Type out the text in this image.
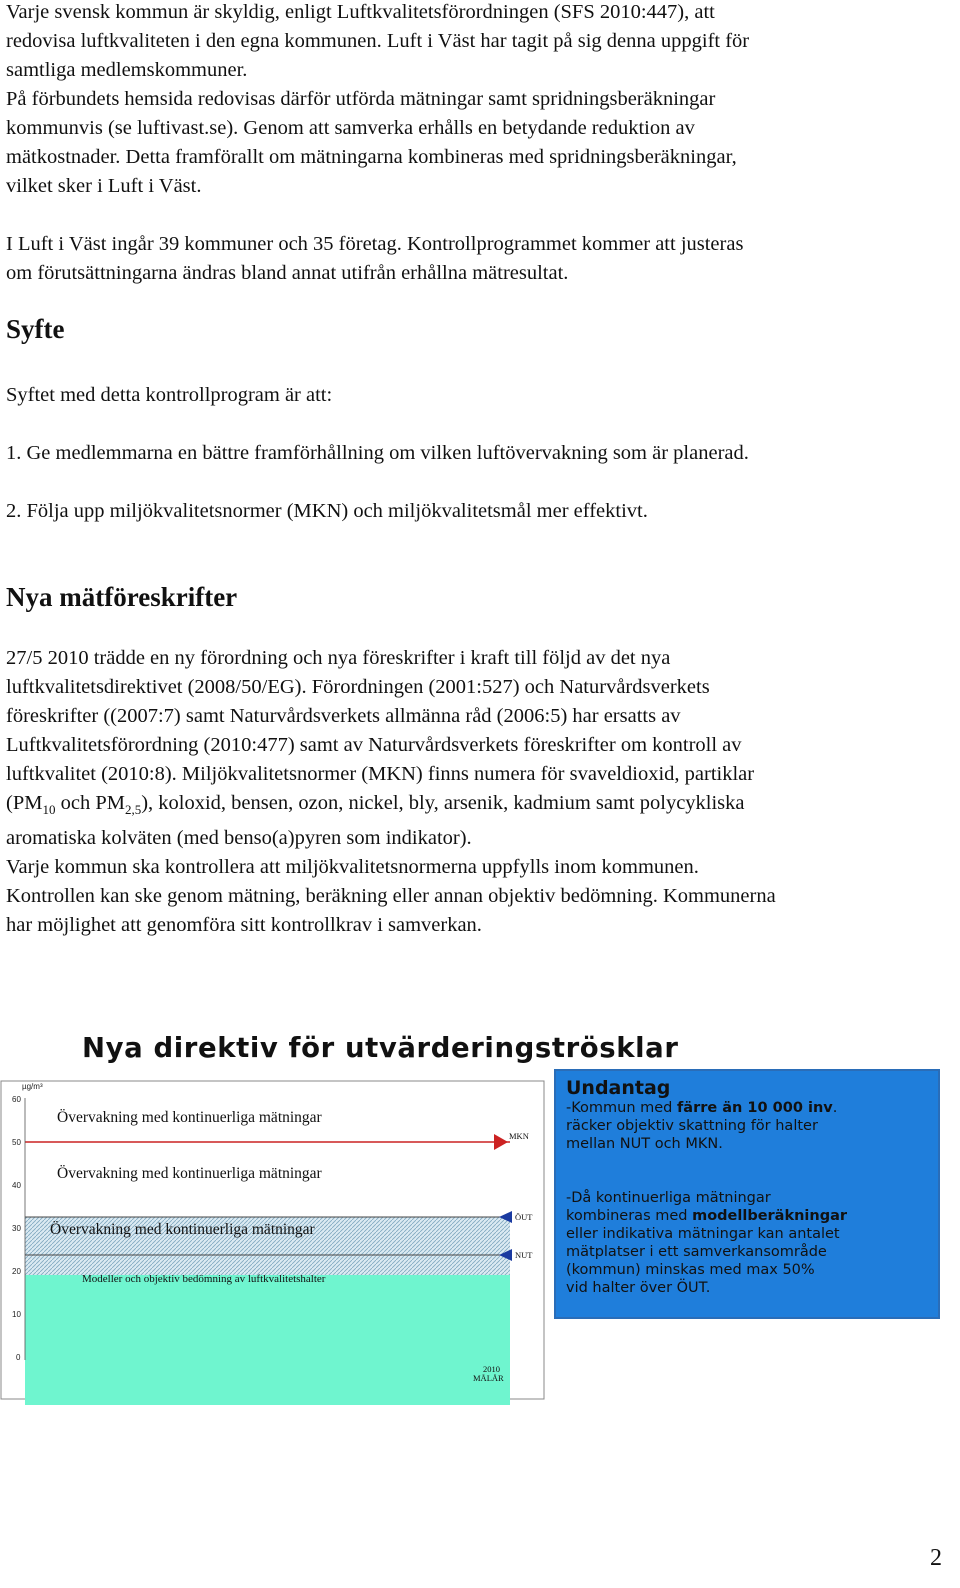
Varje svensk kommun är skyldig, enligt Luftkvalitetsförordningen (SFS 2010:447), att

redovisa luftkvaliteten i den egna kommunen. Luft i Väst har tagit på sig denna uppgift för

samtliga medlemskommuner.

På förbundets hemsida redovisas därför utförda mätningar samt spridningsberäkningar

kommunvis (se luftivast.se). Genom att samverka erhålls en betydande reduktion av

mätkostnader. Detta framförallt om mätningarna kombineras med spridningsberäkningar,

vilket sker i Luft i Väst.

I Luft i Väst ingår 39 kommuner och 35 företag. Kontrollprogrammet kommer att justeras

om förutsättningarna ändras bland annat utifrån erhållna mätresultat.

Syfte

Syftet med detta kontrollprogram är att:

1. Ge medlemmarna en bättre framförhållning om vilken luftövervakning som är planerad.

2. Följa upp miljökvalitetsnormer (MKN) och miljökvalitetsmål mer effektivt.

Nya mätföreskrifter

27/5 2010 trädde en ny förordning och nya föreskrifter i kraft till följd av det nya

luftkvalitetsdirektivet (2008/50/EG). Förordningen (2001:527) och Naturvårdsverkets

föreskrifter ((2007:7) samt Naturvårdsverkets allmänna råd (2006:5) har ersatts av

Luftkvalitetsförordning (2010:477) samt av Naturvårdsverkets föreskrifter om kontroll av

luftkvalitet (2010:8). Miljökvalitetsnormer (MKN) finns numera för svaveldioxid, partiklar

($PM_{10}$ och $PM_{2,5}$), koloxid, bensen, ozon, nickel, bly, arsenik, kadmium samt polycykliska

aromatiska kolväten (med benso(a)pyren som indikator).

Varje kommun ska kontrollera att miljökvalitetsnormerna uppfylls inom kommunen.

Kontrollen kan ske genom mätning, beräkning eller annan objektiv bedömning. Kommunerna

har möjlighet att genomföra sitt kontrollkrav i samverkan.

Nya direktiv för utvärderingströsklar
µg/m³
60
50
40
30
20
10
0
Övervakning med kontinuerliga mätningar
Övervakning med kontinuerliga mätningar
Övervakning med kontinuerliga mätningar
Modeller och objektiv bedömning av luftkvalitetshalter
MKN
ÖUT
NUT
2010
MÅLÅR
Undantag

-Kommun med färre än 10 000 inv.

räcker objektiv skattning för halter

mellan NUT och MKN.

-Då kontinuerliga mätningar

kombineras med modellberäkningar

eller indikativa mätningar kan antalet

mätplatser i ett samverkansområde

(kommun) minskas med max 50%

vid halter över ÖUT.

2
